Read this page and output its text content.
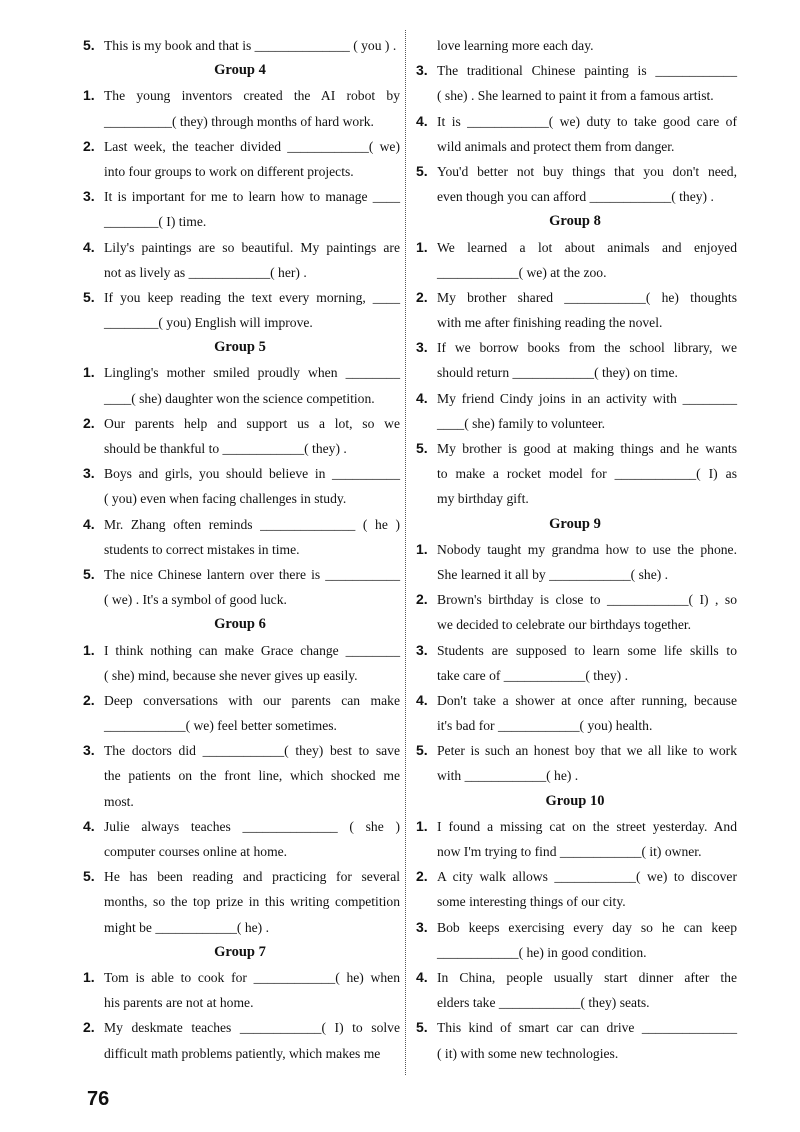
5. This is my book and that is ______________ ( you ) .
Group 4
1. The young inventors created the AI robot by
__________( they) through months of hard work.
2. Last week, the teacher divided ____________( we)
into four groups to work on different projects.
3. It is important for me to learn how to manage ____
________( I) time.
4. Lily's paintings are so beautiful. My paintings are
not as lively as ____________( her) .
5. If you keep reading the text every morning, ____
________( you) English will improve.
Group 5
1. Lingling's mother smiled proudly when ________
____( she) daughter won the science competition.
2. Our parents help and support us a lot, so we
should be thankful to ____________( they) .
3. Boys and girls, you should believe in __________
( you) even when facing challenges in study.
4. Mr. Zhang often reminds ______________ ( he )
students to correct mistakes in time.
5. The nice Chinese lantern over there is ___________
( we) . It's a symbol of good luck.
Group 6
1. I think nothing can make Grace change ________
( she) mind, because she never gives up easily.
2. Deep conversations with our parents can make
____________( we) feel better sometimes.
3. The doctors did ____________( they) best to save
the patients on the front line, which shocked me
most.
4. Julie always teaches ______________ ( she )
computer courses online at home.
5. He has been reading and practicing for several
months, so the top prize in this writing competition
might be ____________( he) .
Group 7
1. Tom is able to cook for ____________( he) when
his parents are not at home.
2. My deskmate teaches ____________( I) to solve
difficult math problems patiently, which makes me
love learning more each day.
3. The traditional Chinese painting is ____________
( she) . She learned to paint it from a famous artist.
4. It is ____________( we) duty to take good care of
wild animals and protect them from danger.
5. You'd better not buy things that you don't need,
even though you can afford ____________( they) .
Group 8
1. We learned a lot about animals and enjoyed
____________( we) at the zoo.
2. My brother shared ____________( he) thoughts
with me after finishing reading the novel.
3. If we borrow books from the school library, we
should return ____________( they) on time.
4. My friend Cindy joins in an activity with ________
____( she) family to volunteer.
5. My brother is good at making things and he wants
to make a rocket model for ____________( I) as
my birthday gift.
Group 9
1. Nobody taught my grandma how to use the phone.
She learned it all by ____________( she) .
2. Brown's birthday is close to ____________( I) , so
we decided to celebrate our birthdays together.
3. Students are supposed to learn some life skills to
take care of ____________( they) .
4. Don't take a shower at once after running, because
it's bad for ____________( you) health.
5. Peter is such an honest boy that we all like to work
with ____________( he) .
Group 10
1. I found a missing cat on the street yesterday. And
now I'm trying to find ____________( it) owner.
2. A city walk allows ____________( we) to discover
some interesting things of our city.
3. Bob keeps exercising every day so he can keep
____________( he) in good condition.
4. In China, people usually start dinner after the
elders take ____________( they) seats.
5. This kind of smart car can drive ______________
( it) with some new technologies.
76
